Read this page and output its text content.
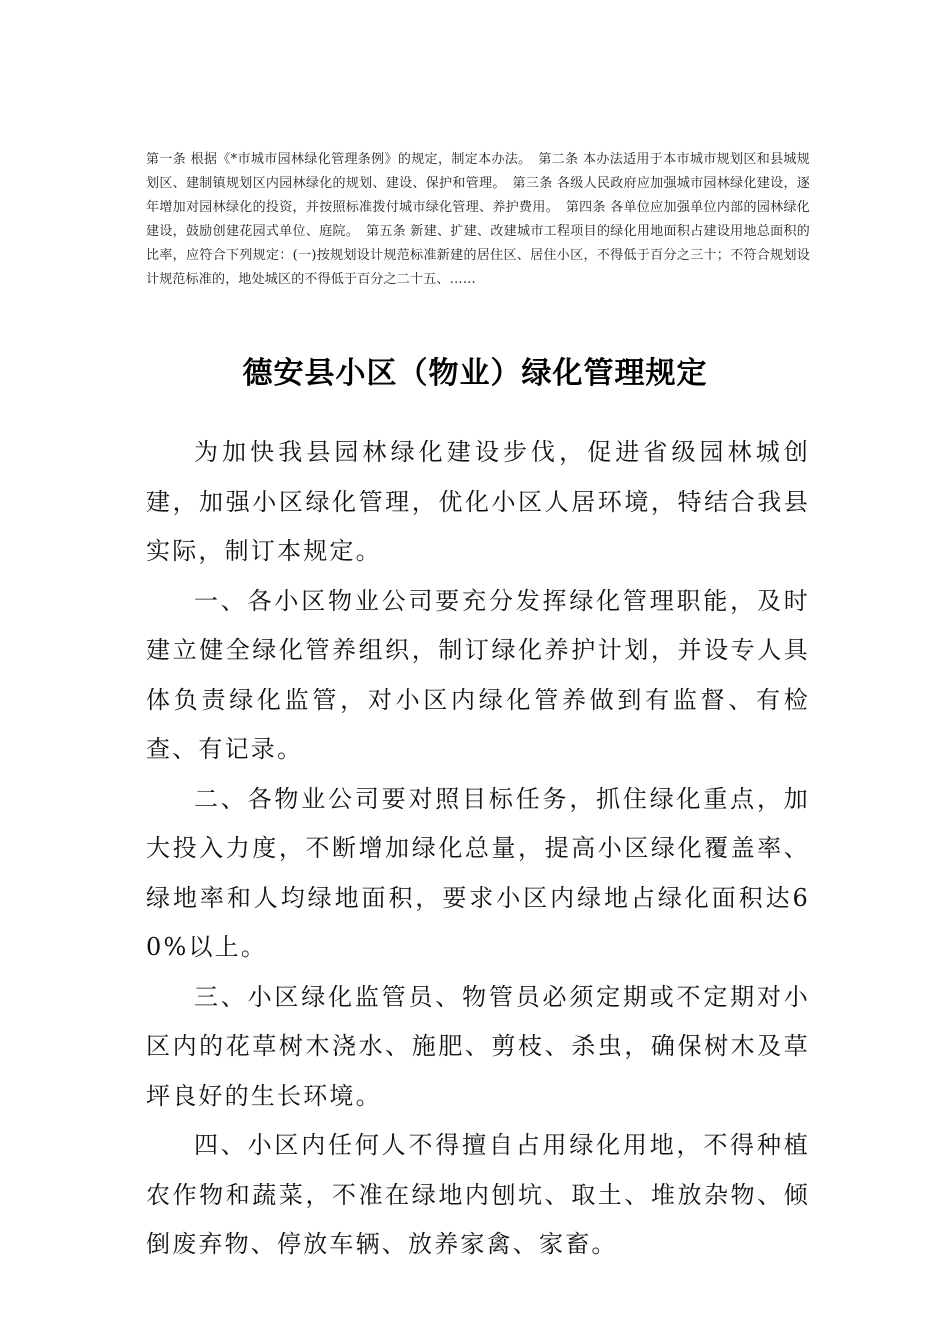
第一条 根据《*市城市园林绿化管理条例》的规定，制定本办法。　第二条 本办法适用于本市城市规划区和县城规划区、建制镇规划区内园林绿化的规划、建设、保护和管理。　第三条 各级人民政府应加强城市园林绿化建设，逐年增加对园林绿化的投资，并按照标准拨付城市绿化管理、养护费用。　第四条 各单位应加强单位内部的园林绿化建设，鼓励创建花园式单位、庭院。　第五条 新建、扩建、改建城市工程项目的绿化用地面积占建设用地总面积的比率，应符合下列规定：(一)按规划设计规范标准新建的居住区、居住小区，不得低于百分之三十；不符合规划设计规范标准的，地处城区的不得低于百分之二十五、……
德安县小区（物业）绿化管理规定

为加快我县园林绿化建设步伐，促进省级园林城创建，加强小区绿化管理，优化小区人居环境，特结合我县实际，制订本规定。

一、各小区物业公司要充分发挥绿化管理职能，及时建立健全绿化管养组织，制订绿化养护计划，并设专人具体负责绿化监管，对小区内绿化管养做到有监督、有检查、有记录。

二、各物业公司要对照目标任务，抓住绿化重点，加大投入力度，不断增加绿化总量，提高小区绿化覆盖率、绿地率和人均绿地面积，要求小区内绿地占绿化面积达60%以上。

三、小区绿化监管员、物管员必须定期或不定期对小区内的花草树木浇水、施肥、剪枝、杀虫，确保树木及草坪良好的生长环境。

四、小区内任何人不得擅自占用绿化用地，不得种植农作物和蔬菜，不准在绿地内刨坑、取土、堆放杂物、倾倒废弃物、停放车辆、放养家禽、家畜。
